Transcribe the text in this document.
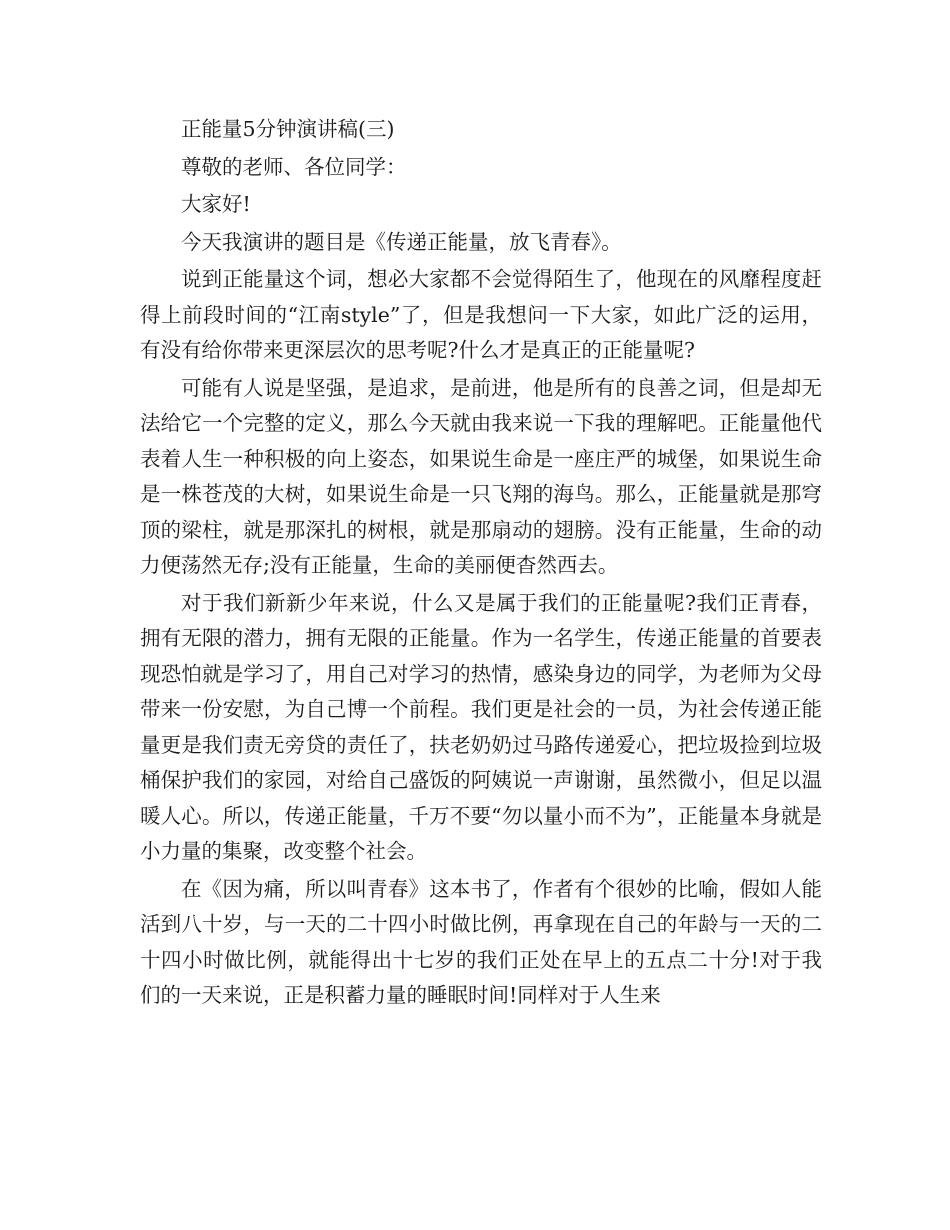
正能量5分钟演讲稿(三)

尊敬的老师、各位同学：

大家好!

今天我演讲的题目是《传递正能量，放飞青春》。

说到正能量这个词，想必大家都不会觉得陌生了，他现在的风靡程度赶得上前段时间的“江南style”了，但是我想问一下大家，如此广泛的运用，有没有给你带来更深层次的思考呢?什么才是真正的正能量呢?

可能有人说是坚强，是追求，是前进，他是所有的良善之词，但是却无法给它一个完整的定义，那么今天就由我来说一下我的理解吧。正能量他代表着人生一种积极的向上姿态，如果说生命是一座庄严的城堡，如果说生命是一株苍茂的大树，如果说生命是一只飞翔的海鸟。那么，正能量就是那穹顶的梁柱，就是那深扎的树根，就是那扇动的翅膀。没有正能量，生命的动力便荡然无存;没有正能量，生命的美丽便杳然西去。

对于我们新新少年来说，什么又是属于我们的正能量呢?我们正青春，拥有无限的潜力，拥有无限的正能量。作为一名学生，传递正能量的首要表现恐怕就是学习了，用自己对学习的热情，感染身边的同学，为老师为父母带来一份安慰，为自己博一个前程。我们更是社会的一员，为社会传递正能量更是我们责无旁贷的责任了，扶老奶奶过马路传递爱心，把垃圾捡到垃圾桶保护我们的家园，对给自己盛饭的阿姨说一声谢谢，虽然微小，但足以温暖人心。所以，传递正能量，千万不要“勿以量小而不为”，正能量本身就是小力量的集聚，改变整个社会。

在《因为痛，所以叫青春》这本书了，作者有个很妙的比喻，假如人能活到八十岁，与一天的二十四小时做比例，再拿现在自己的年龄与一天的二十四小时做比例，就能得出十七岁的我们正处在早上的五点二十分!对于我们的一天来说，正是积蓄力量的睡眠时间!同样对于人生来
